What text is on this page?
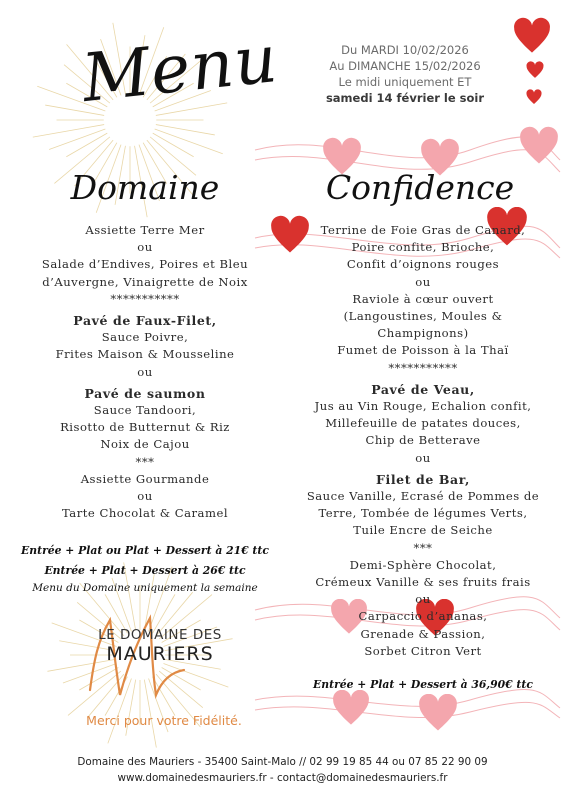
Menu	Du MARDI 10/02/2026
Au DIMANCHE 15/02/2026
Le midi uniquement ET
samedi 14 février le soir
Domaine	Confidence
Assiette Terre Mer
ou
Salade d’Endives, Poires et Bleu
d’Auvergne, Vinaigrette de Noix
***********
Pavé de Faux-Filet,
Sauce Poivre,
Frites Maison & Mousseline
ou
Pavé de saumon
Sauce Tandoori,
Risotto de Butternut & Riz
Noix de Cajou
***
Assiette Gourmande
ou
Tarte Chocolat & Caramel
Terrine de Foie Gras de Canard,
Poire confite, Brioche,
Confit d’oignons rouges
ou
Raviole à cœur ouvert
(Langoustines, Moules &
Champignons)
Fumet de Poisson à la Thaï
***********
Pavé de Veau,
Jus au Vin Rouge, Echalion confit,
Millefeuille de patates douces,
Chip de Betterave
ou
Filet de Bar,
Sauce Vanille, Ecrasé de Pommes de
Terre, Tombée de légumes Verts,
Tuile Encre de Seiche
***
Demi-Sphère Chocolat,
Crémeux Vanille & ses fruits frais
ou
Carpaccio d’ananas,
Grenade & Passion,
Sorbet Citron Vert
Entrée + Plat ou Plat + Dessert à 21€ ttc
Entrée + Plat + Dessert à 26€ ttc
Menu du Domaine uniquement la semaine
Entrée + Plat + Dessert à 36,90€ ttc
LE DOMAINE DES
MAURIERS
Merci pour votre Fidélité.
Domaine des Mauriers - 35400 Saint-Malo // 02 99 19 85 44 ou 07 85 22 90 09
www.domainedesmauriers.fr - contact@domainedesmauriers.fr
